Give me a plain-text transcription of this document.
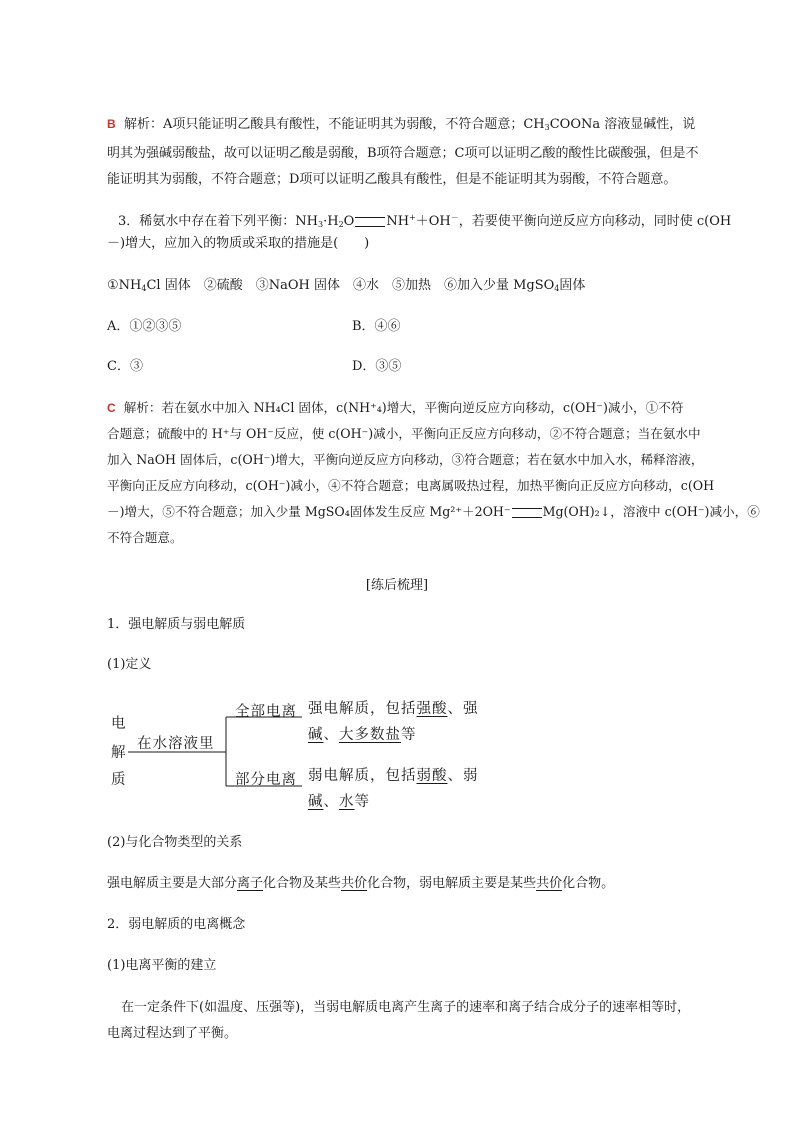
B 解析：A项只能证明乙酸具有酸性，不能证明其为弱酸，不符合题意；$CH_3COONa$ 溶液显碱性，说
明其为强碱弱酸盐，故可以证明乙酸是弱酸，B项符合题意；C项可以证明乙酸的酸性比碳酸强，但是不
能证明其为弱酸，不符合题意；D项可以证明乙酸具有酸性，但是不能证明其为弱酸，不符合题意。
3．稀氨水中存在着下列平衡：$NH_3\cdot H_2O$ NH+＋OH－，若要使平衡向逆反应方向移动，同时使 c(OH
－)增大，应加入的物质或采取的措施是(　　)
$①NH_4Cl$ 固体　②硫酸　③NaOH 固体　④水　⑤加热　⑥加入少量 MgSO$_4$固体
A．①②③⑤	B．④⑥
C．③	D．③⑤
C 解析：若在氨水中加入 NH₄Cl 固体，c(NH⁺₄)增大，平衡向逆反应方向移动，c(OH⁻)减小，①不符
合题意；硫酸中的 H⁺与 OH⁻反应，使 c(OH⁻)减小，平衡向正反应方向移动，②不符合题意；当在氨水中
加入 NaOH 固体后，c(OH⁻)增大，平衡向逆反应方向移动，③符合题意；若在氨水中加入水，稀释溶液，
平衡向正反应方向移动，c(OH⁻)减小，④不符合题意；电离属吸热过程，加热平衡向正反应方向移动，c(OH
－)增大，⑤不符合题意；加入少量 MgSO₄固体发生反应 Mg²⁺＋2OH⁻	Mg(OH)₂↓，溶液中 c(OH⁻)减小，⑥
不符合题意。
[练后梳理]
1．强电解质与弱电解质
(1)定义
电
解
质
在水溶液里
全部电离
部分电离
强电解质，包括强酸、强
碱、大多数盐等
弱电解质，包括弱酸、弱
碱、水等
(2)与化合物类型的关系
强电解质主要是大部分离子化合物及某些共价化合物，弱电解质主要是某些共价化合物。
2．弱电解质的电离概念
(1)电离平衡的建立
在一定条件下(如温度、压强等)，当弱电解质电离产生离子的速率和离子结合成分子的速率相等时，
电离过程达到了平衡。
